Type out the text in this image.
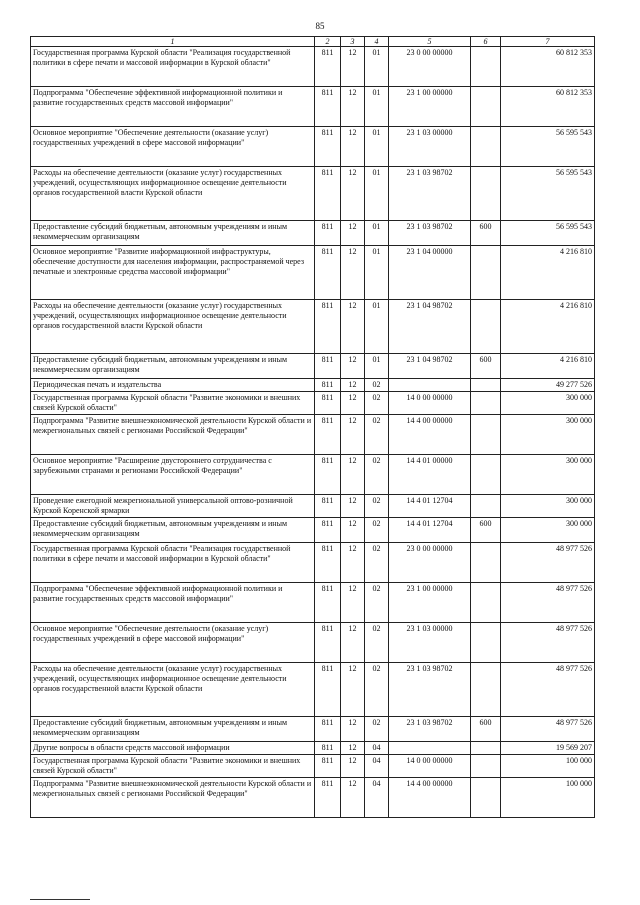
85
1	2	3	4	5	6	7
Государственная программа Курской области "Реализация государственной политики в сфере печати и массовой информации в Курской области"	811	12	01	23 0 00 00000		60 812 353
Подпрограмма "Обеспечение эффективной информационной политики и развитие государственных средств массовой информации"	811	12	01	23 1 00 00000		60 812 353
Основное мероприятие "Обеспечение деятельности (оказание услуг) государственных учреждений в сфере массовой информации"	811	12	01	23 1 03 00000		56 595 543
Расходы на обеспечение деятельности (оказание услуг) государственных учреждений, осуществляющих информационное освещение деятельности органов государственной власти Курской области	811	12	01	23 1 03 98702		56 595 543
Предоставление субсидий бюджетным, автономным учреждениям и иным некоммерческим организациям	811	12	01	23 1 03 98702	600	56 595 543
Основное мероприятие "Развитие информационной инфраструктуры, обеспечение доступности для населения информации, распространяемой через печатные и электронные средства массовой информации"	811	12	01	23 1 04 00000		4 216 810
Расходы на обеспечение деятельности (оказание услуг) государственных учреждений, осуществляющих информационное освещение деятельности органов государственной власти Курской области	811	12	01	23 1 04 98702		4 216 810
Предоставление субсидий бюджетным, автономным учреждениям и иным некоммерческим организациям	811	12	01	23 1 04 98702	600	4 216 810
Периодическая печать и издательства	811	12	02			49 277 526
Государственная программа Курской области "Развитие экономики и внешних связей Курской области"	811	12	02	14 0 00 00000		300 000
Подпрограмма "Развитие внешнеэкономической деятельности Курской области и межрегиональных связей с регионами Российской Федерации"	811	12	02	14 4 00 00000		300 000
Основное мероприятие "Расширение двустороннего сотрудничества с зарубежными странами и регионами Российской Федерации"	811	12	02	14 4 01 00000		300 000
Проведение ежегодной межрегиональной универсальной оптово-розничной Курской Коренской ярмарки	811	12	02	14 4 01 12704		300 000
Предоставление субсидий бюджетным, автономным учреждениям и иным некоммерческим организациям	811	12	02	14 4 01 12704	600	300 000
Государственная программа Курской области "Реализация государственной политики в сфере печати и массовой информации в Курской области"	811	12	02	23 0 00 00000		48 977 526
Подпрограмма "Обеспечение эффективной информационной политики и развитие государственных средств массовой информации"	811	12	02	23 1 00 00000		48 977 526
Основное мероприятие "Обеспечение деятельности (оказание услуг) государственных учреждений в сфере массовой информации"	811	12	02	23 1 03 00000		48 977 526
Расходы на обеспечение деятельности (оказание услуг) государственных учреждений, осуществляющих информационное освещение деятельности органов государственной власти Курской области	811	12	02	23 1 03 98702		48 977 526
Предоставление субсидий бюджетным, автономным учреждениям и иным некоммерческим организациям	811	12	02	23 1 03 98702	600	48 977 526
Другие вопросы в области средств массовой информации	811	12	04			19 569 207
Государственная программа Курской области "Развитие экономики и внешних связей Курской области"	811	12	04	14 0 00 00000		100 000
Подпрограмма "Развитие внешнеэкономической деятельности Курской области и межрегиональных связей с регионами Российской Федерации"	811	12	04	14 4 00 00000		100 000
